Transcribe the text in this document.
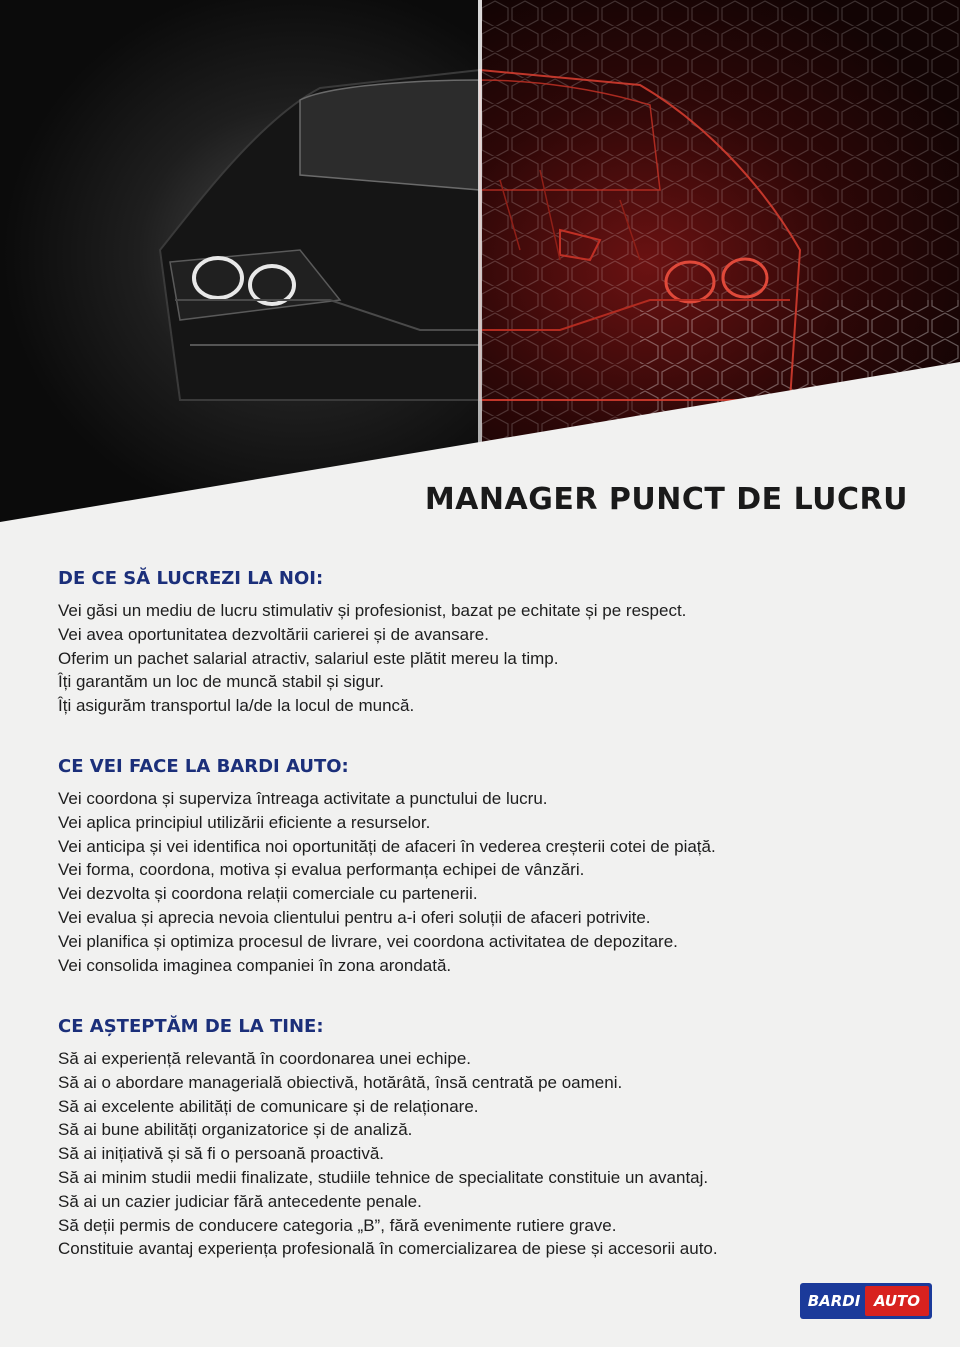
MANAGER PUNCT DE LUCRU
DE CE SĂ LUCREZI LA NOI:
Vei găsi un mediu de lucru stimulativ și profesionist, bazat pe echitate și pe respect.
Vei avea oportunitatea dezvoltării carierei și de avansare.
Oferim un pachet salarial atractiv, salariul este plătit mereu la timp.
Îți garantăm un loc de muncă stabil și sigur.
Îți asigurăm transportul la/de la locul de muncă.
CE VEI FACE LA BARDI AUTO:
Vei coordona și superviza întreaga activitate a punctului de lucru.
Vei aplica principiul utilizării eficiente a resurselor.
Vei anticipa și vei identifica noi oportunități de afaceri în vederea creșterii cotei de piață.
Vei forma, coordona, motiva și evalua performanța echipei de vânzări.
Vei dezvolta și coordona relații comerciale cu partenerii.
Vei evalua și aprecia nevoia clientului pentru a-i oferi soluții de afaceri potrivite.
Vei planifica și optimiza procesul de livrare, vei coordona activitatea de depozitare.
Vei consolida imaginea companiei în zona arondată.
CE AȘTEPTĂM DE LA TINE:
Să ai experiență relevantă în coordonarea unei echipe.
Să ai o abordare managerială obiectivă, hotărâtă, însă centrată pe oameni.
Să ai excelente abilități de comunicare și de relaționare.
Să ai bune abilități organizatorice și de analiză.
Să ai inițiativă și să fi o persoană proactivă.
Să ai minim studii medii finalizate, studiile tehnice de specialitate constituie un avantaj.
Să ai un cazier judiciar fără antecedente penale.
Să deții permis de conducere categoria „B”, fără evenimente rutiere grave.
Constituie avantaj experiența profesională în comercializarea de piese și accesorii auto.
BARDI AUTO
